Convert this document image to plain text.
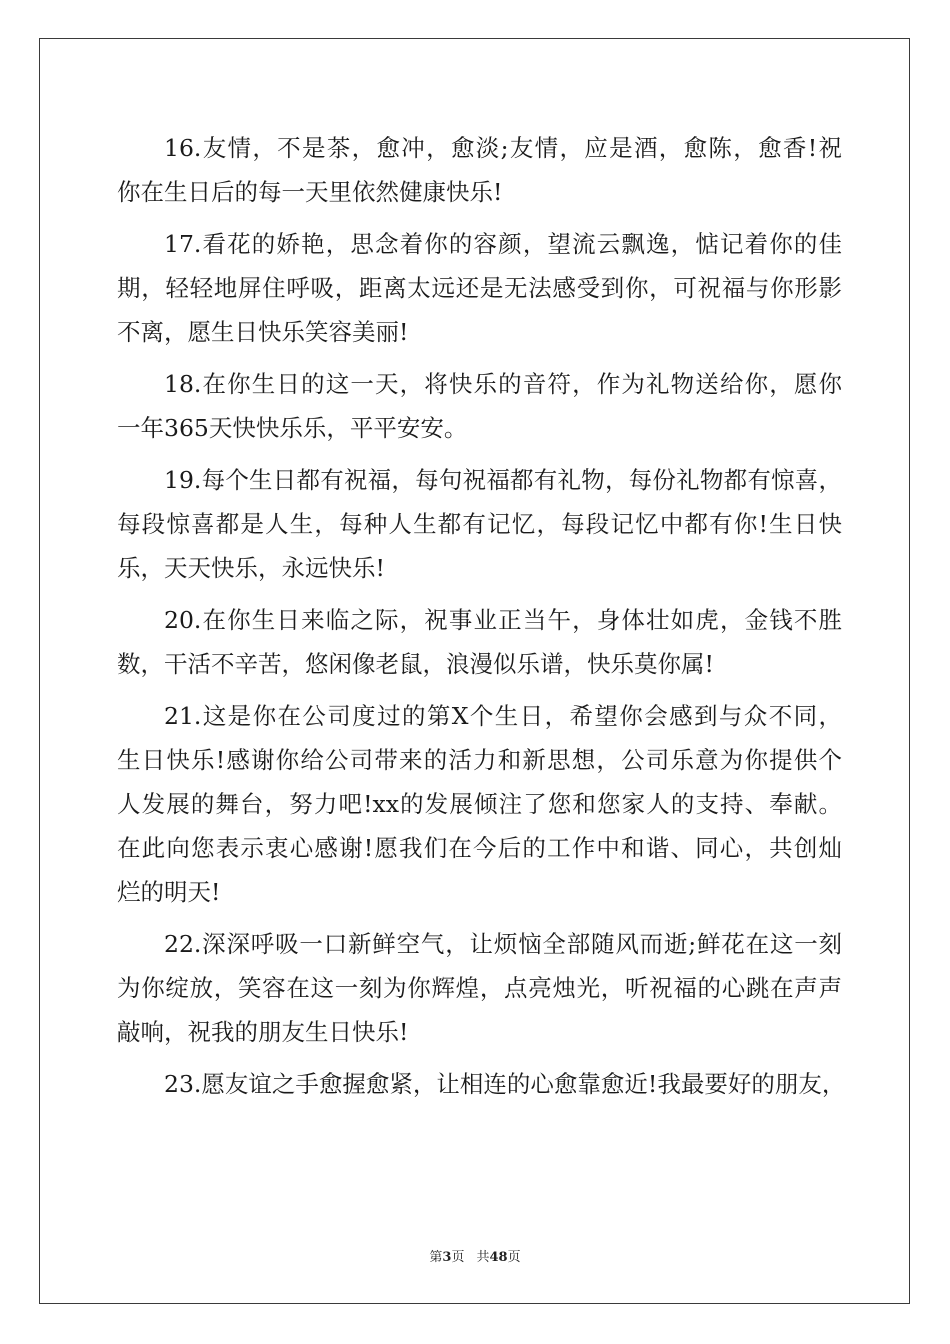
16.友情，不是茶，愈冲，愈淡;友情，应是酒，愈陈，愈香!祝
你在生日后的每一天里依然健康快乐!
17.看花的娇艳，思念着你的容颜，望流云飘逸，惦记着你的佳
期，轻轻地屏住呼吸，距离太远还是无法感受到你，可祝福与你形影
不离，愿生日快乐笑容美丽!
18.在你生日的这一天，将快乐的音符，作为礼物送给你，愿你
一年365天快快乐乐，平平安安。
19.每个生日都有祝福，每句祝福都有礼物，每份礼物都有惊喜，
每段惊喜都是人生，每种人生都有记忆，每段记忆中都有你!生日快
乐，天天快乐，永远快乐!
20.在你生日来临之际，祝事业正当午，身体壮如虎，金钱不胜
数，干活不辛苦，悠闲像老鼠，浪漫似乐谱，快乐莫你属!
21.这是你在公司度过的第X个生日，希望你会感到与众不同，
生日快乐!感谢你给公司带来的活力和新思想，公司乐意为你提供个
人发展的舞台，努力吧!xx的发展倾注了您和您家人的支持、奉献。
在此向您表示衷心感谢!愿我们在今后的工作中和谐、同心，共创灿
烂的明天!
22.深深呼吸一口新鲜空气，让烦恼全部随风而逝;鲜花在这一刻
为你绽放，笑容在这一刻为你辉煌，点亮烛光，听祝福的心跳在声声
敲响，祝我的朋友生日快乐!
23.愿友谊之手愈握愈紧，让相连的心愈靠愈近!我最要好的朋友，
第3页 共48页
